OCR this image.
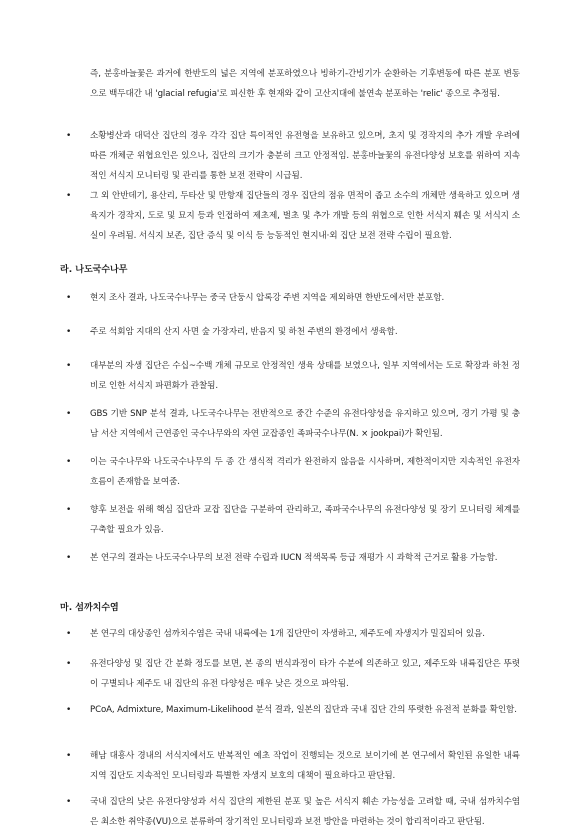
즉, 분홍바늘꽃은 과거에 한반도의 넓은 지역에 분포하였으나 빙하기-간빙기가 순환하는 기후변동에 따른 분포 변동으로 백두대간 내 'glacial refugia'로 피신한 후 현재와 같이 고산지대에 불연속 분포하는 'relic' 종으로 추정됨.
•	소황병산과 대덕산 집단의 경우 각각 집단 특이적인 유전형을 보유하고 있으며, 초지 및 경작지의 추가 개발 우려에 따른 개체군 위협요인은 있으나, 집단의 크기가 충분히 크고 안정적임. 분홍바늘꽃의 유전다양성 보호를 위하여 지속적인 서식지 모니터링 및 관리를 통한 보전 전략이 시급됨.
•	그 외 안반데기, 용산리, 두타산 및 만항재 집단들의 경우 집단의 점유 면적이 좁고 소수의 개체만 생육하고 있으며 생육지가 경작지, 도로 및 묘지 등과 인접하여 제초제, 벌초 및 추가 개발 등의 위협으로 인한 서식지 훼손 및 서식지 소실이 우려됨. 서식지 보존, 집단 증식 및 이식 등 능동적인 현지내·외 집단 보전 전략 수립이 필요함.
라. 나도국수나무
•	현지 조사 결과, 나도국수나무는 중국 단둥시 압록강 주변 지역을 제외하면 한반도에서만 분포함.
•	주로 석회암 지대의 산지 사면 숲 가장자리, 반음지 및 하천 주변의 환경에서 생육함.
•	대부분의 자생 집단은 수십~수백 개체 규모로 안정적인 생육 상태를 보였으나, 일부 지역에서는 도로 확장과 하천 정비로 인한 서식지 파편화가 관찰됨.
•	GBS 기반 SNP 분석 결과, 나도국수나무는 전반적으로 중간 수준의 유전다양성을 유지하고 있으며, 경기 가평 및 충남 서산 지역에서 근연종인 국수나무와의 자연 교잡종인 족파국수나무(N. × jookpai)가 확인됨.
•	이는 국수나무와 나도국수나무의 두 종 간 생식적 격리가 완전하지 않음을 시사하며, 제한적이지만 지속적인 유전자 흐름이 존재함을 보여줌.
•	향후 보전을 위해 핵심 집단과 교잡 집단을 구분하여 관리하고, 족파국수나무의 유전다양성 및 장기 모니터링 체계를 구축할 필요가 있음.
•	본 연구의 결과는 나도국수나무의 보전 전략 수립과 IUCN 적색목록 등급 재평가 시 과학적 근거로 활용 가능함.
마. 섬까치수염
•	본 연구의 대상종인 섬까치수염은 국내 내륙에는 1개 집단만이 자생하고, 제주도에 자생지가 밀집되어 있음.
•	유전다양성 및 집단 간 분화 정도를 보면, 본 종의 번식과정이 타가 수분에 의존하고 있고, 제주도와 내륙집단은 뚜렷이 구별되나 제주도 내 집단의 유전 다양성은 매우 낮은 것으로 파악됨.
•	PCoA, Admixture, Maximum-Likelihood 분석 결과, 일본의 집단과 국내 집단 간의 뚜렷한 유전적 분화를 확인함.
•	해남 대흥사 경내의 서식지에서도 반복적인 예초 작업이 진행되는 것으로 보이기에 본 연구에서 확인된 유일한 내륙지역 집단도 지속적인 모니터링과 특별한 자생지 보호의 대책이 필요하다고 판단됨.
•	국내 집단의 낮은 유전다양성과 서식 집단의 제한된 분포 및 높은 서식지 훼손 가능성을 고려할 때, 국내 섬까치수염은 최소한 취약종(VU)으로 분류하여 장기적인 모니터링과 보전 방안을 마련하는 것이 합리적이라고 판단됨.
